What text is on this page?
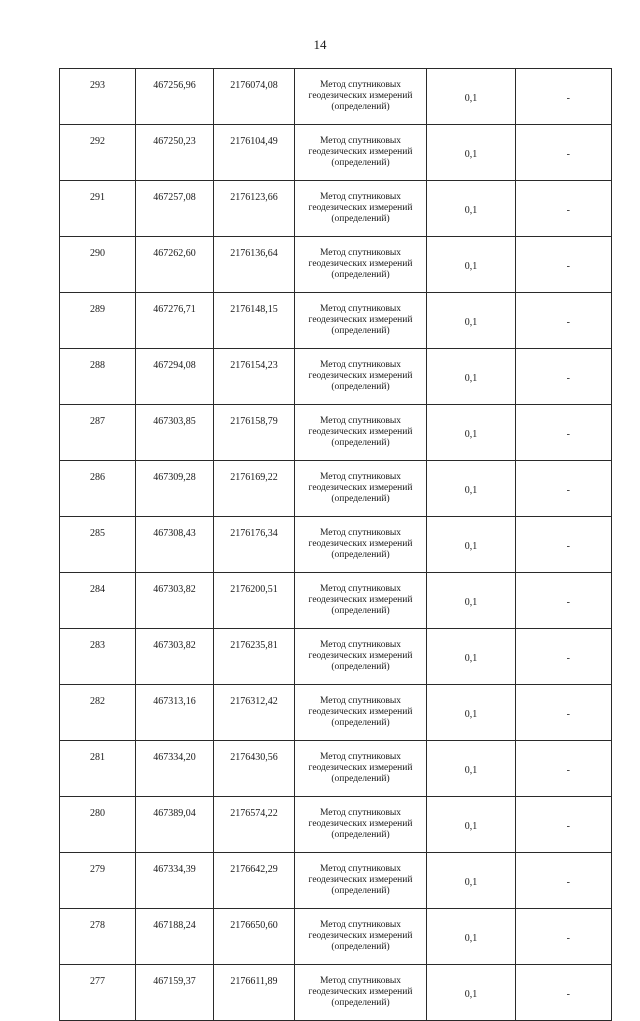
14
293	467256,96	2176074,08	Метод спутниковых геодезических измерений (определений)	0,1	-
292	467250,23	2176104,49	Метод спутниковых геодезических измерений (определений)	0,1	-
291	467257,08	2176123,66	Метод спутниковых геодезических измерений (определений)	0,1	-
290	467262,60	2176136,64	Метод спутниковых геодезических измерений (определений)	0,1	-
289	467276,71	2176148,15	Метод спутниковых геодезических измерений (определений)	0,1	-
288	467294,08	2176154,23	Метод спутниковых геодезических измерений (определений)	0,1	-
287	467303,85	2176158,79	Метод спутниковых геодезических измерений (определений)	0,1	-
286	467309,28	2176169,22	Метод спутниковых геодезических измерений (определений)	0,1	-
285	467308,43	2176176,34	Метод спутниковых геодезических измерений (определений)	0,1	-
284	467303,82	2176200,51	Метод спутниковых геодезических измерений (определений)	0,1	-
283	467303,82	2176235,81	Метод спутниковых геодезических измерений (определений)	0,1	-
282	467313,16	2176312,42	Метод спутниковых геодезических измерений (определений)	0,1	-
281	467334,20	2176430,56	Метод спутниковых геодезических измерений (определений)	0,1	-
280	467389,04	2176574,22	Метод спутниковых геодезических измерений (определений)	0,1	-
279	467334,39	2176642,29	Метод спутниковых геодезических измерений (определений)	0,1	-
278	467188,24	2176650,60	Метод спутниковых геодезических измерений (определений)	0,1	-
277	467159,37	2176611,89	Метод спутниковых геодезических измерений (определений)	0,1	-
